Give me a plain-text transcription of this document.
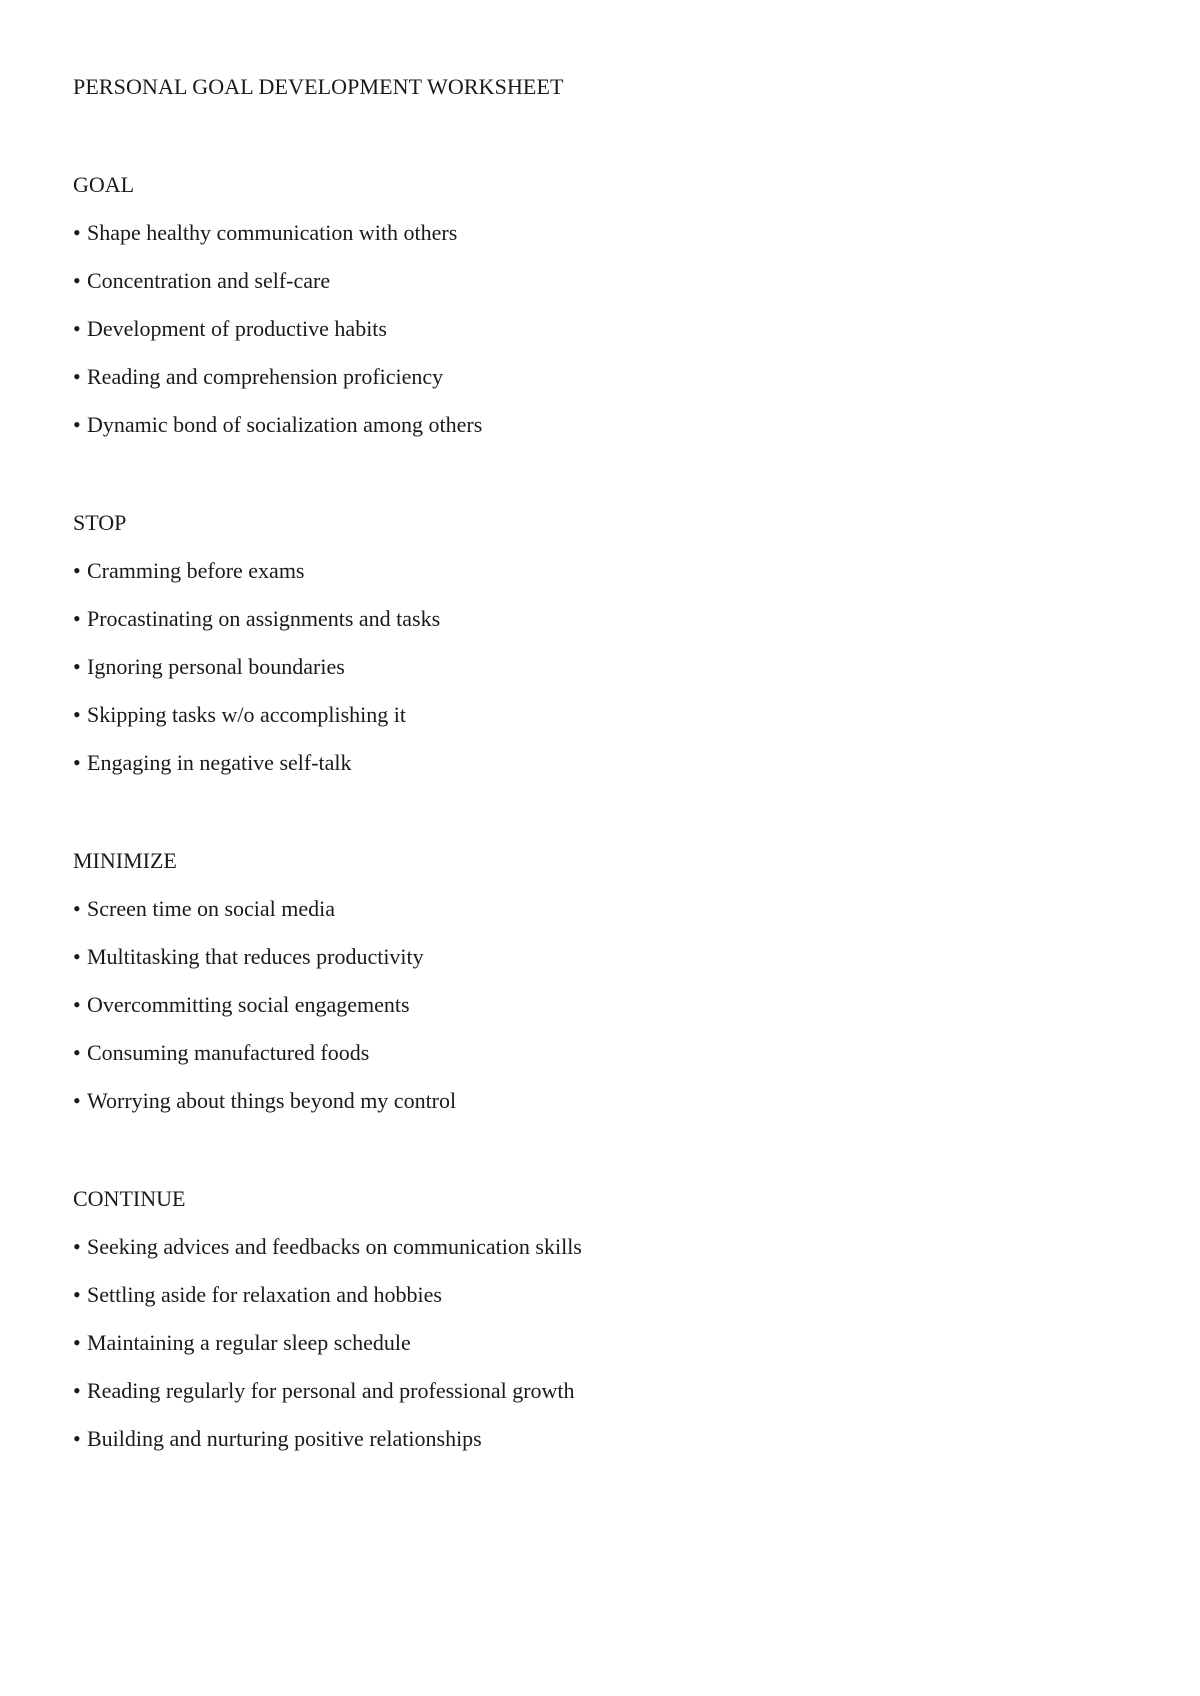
PERSONAL GOAL DEVELOPMENT WORKSHEET
GOAL
• Shape healthy communication with others
• Concentration and self-care
• Development of productive habits
• Reading and comprehension proficiency
• Dynamic bond of socialization among others
STOP
• Cramming before exams
• Procastinating on assignments and tasks
• Ignoring personal boundaries
• Skipping tasks w/o accomplishing it
• Engaging in negative self-talk
MINIMIZE
• Screen time on social media
• Multitasking that reduces productivity
• Overcommitting social engagements
• Consuming manufactured foods
• Worrying about things beyond my control
CONTINUE
• Seeking advices and feedbacks on communication skills
• Settling aside for relaxation and hobbies
• Maintaining a regular sleep schedule
• Reading regularly for personal and professional growth
• Building and nurturing positive relationships
